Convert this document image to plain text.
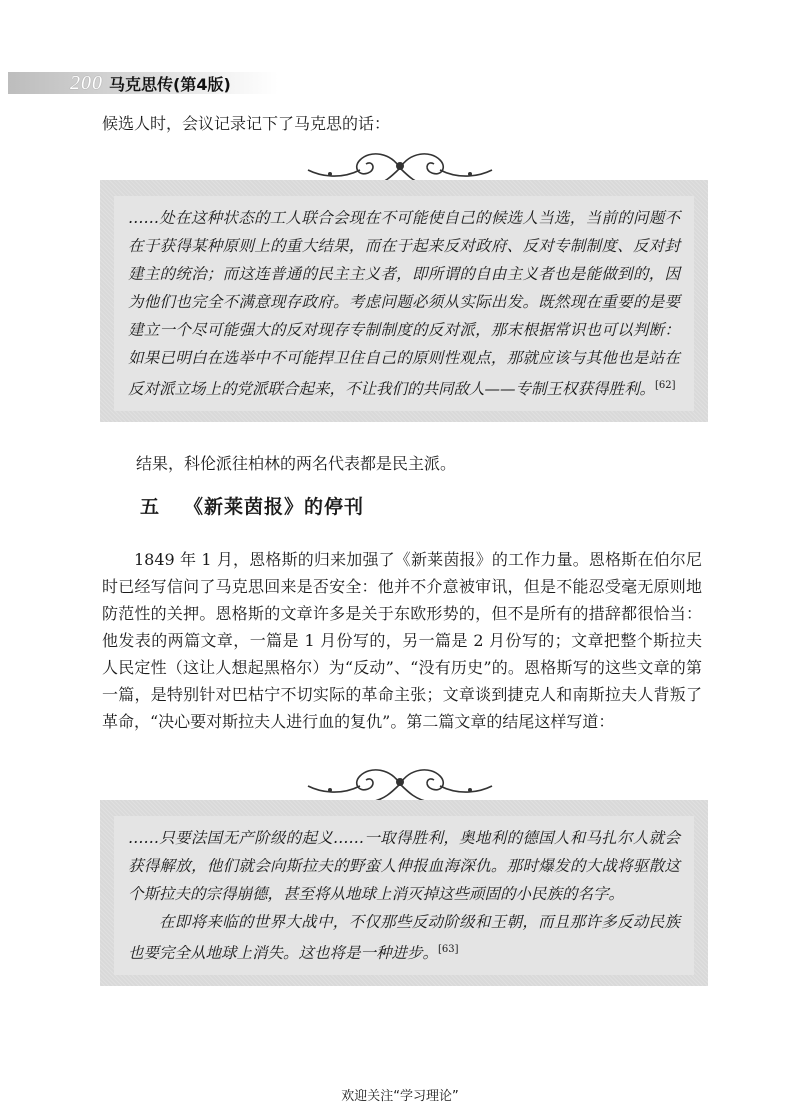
200 马克思传(第4版)

候选人时，会议记录记下了马克思的话：

……处在这种状态的工人联合会现在不可能使自己的候选人当选，当前的问题不在于获得某种原则上的重大结果，而在于起来反对政府、反对专制制度、反对封建主的统治；而这连普通的民主主义者，即所谓的自由主义者也是能做到的，因为他们也完全不满意现存政府。考虑问题必须从实际出发。既然现在重要的是要建立一个尽可能强大的反对现存专制制度的反对派，那末根据常识也可以判断：如果已明白在选举中不可能捍卫住自己的原则性观点，那就应该与其他也是站在反对派立场上的党派联合起来，不让我们的共同敌人——专制王权获得胜利。[62]

结果，科伦派往柏林的两名代表都是民主派。

五 《新莱茵报》的停刊

1849 年 1 月，恩格斯的归来加强了《新莱茵报》的工作力量。恩格斯在伯尔尼时已经写信问了马克思回来是否安全：他并不介意被审讯，但是不能忍受毫无原则地防范性的关押。恩格斯的文章许多是关于东欧形势的，但不是所有的措辞都很恰当：他发表的两篇文章，一篇是 1 月份写的，另一篇是 2 月份写的；文章把整个斯拉夫人民定性（这让人想起黑格尔）为“反动”、“没有历史”的。恩格斯写的这些文章的第一篇，是特别针对巴枯宁不切实际的革命主张；文章谈到捷克人和南斯拉夫人背叛了革命，“决心要对斯拉夫人进行血的复仇”。第二篇文章的结尾这样写道：

……只要法国无产阶级的起义……一取得胜利，奥地利的德国人和马扎尔人就会获得解放，他们就会向斯拉夫的野蛮人伸报血海深仇。那时爆发的大战将驱散这个斯拉夫的宗得崩德，甚至将从地球上消灭掉这些顽固的小民族的名字。

在即将来临的世界大战中，不仅那些反动阶级和王朝，而且那许多反动民族也要完全从地球上消失。这也将是一种进步。[63]

欢迎关注“学习理论”
